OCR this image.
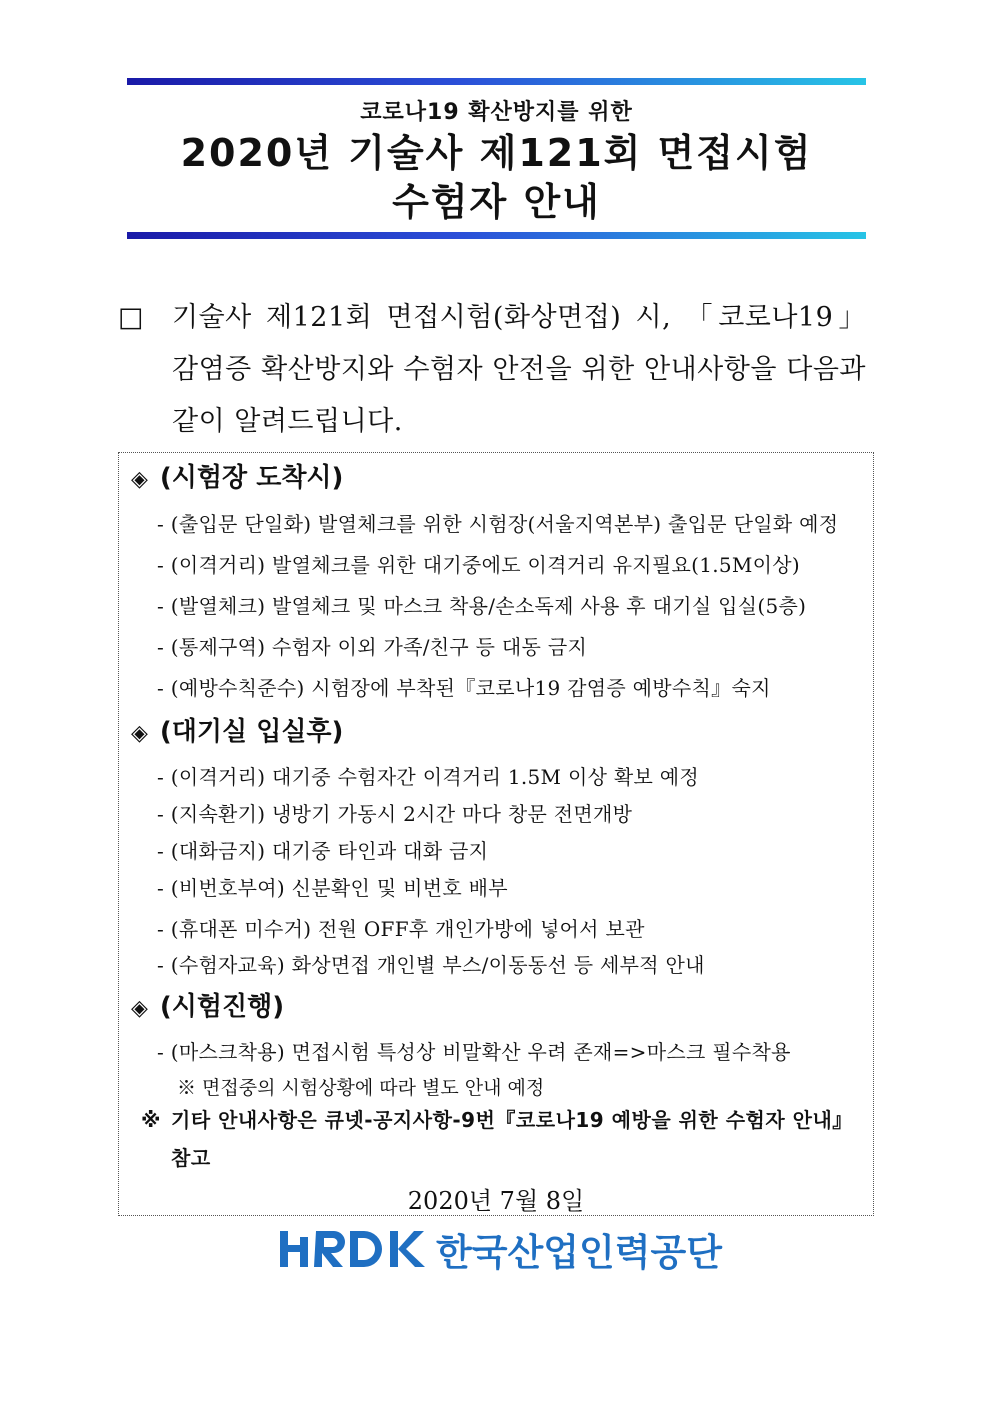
코로나19 확산방지를 위한
2020년 기술사 제121회 면접시험
수험자 안내
□ 기술사 제121회 면접시험(화상면접) 시, 「코로나19」 감염증 확산방지와 수험자 안전을 위한 안내사항을 다음과 같이 알려드립니다.
◈ (시험장 도착시)
- (출입문 단일화) 발열체크를 위한 시험장(서울지역본부) 출입문 단일화 예정
- (이격거리) 발열체크를 위한 대기중에도 이격거리 유지필요(1.5M이상)
- (발열체크) 발열체크 및 마스크 착용/손소독제 사용 후 대기실 입실(5층)
- (통제구역) 수험자 이외 가족/친구 등 대동 금지
- (예방수칙준수) 시험장에 부착된『코로나19 감염증 예방수칙』숙지
◈ (대기실 입실후)
- (이격거리) 대기중 수험자간 이격거리 1.5M 이상 확보 예정
- (지속환기) 냉방기 가동시 2시간 마다 창문 전면개방
- (대화금지) 대기중 타인과 대화 금지
- (비번호부여) 신분확인 및 비번호 배부
- (휴대폰 미수거) 전원 OFF후 개인가방에 넣어서 보관
- (수험자교육) 화상면접 개인별 부스/이동동선 등 세부적 안내
◈ (시험진행)
- (마스크착용) 면접시험 특성상 비말확산 우려 존재=>마스크 필수착용
※ 면접중의 시험상황에 따라 별도 안내 예정
※ 기타 안내사항은 큐넷-공지사항-9번『코로나19 예방을 위한 수험자 안내』참고
2020년 7월 8일
한국산업인력공단
